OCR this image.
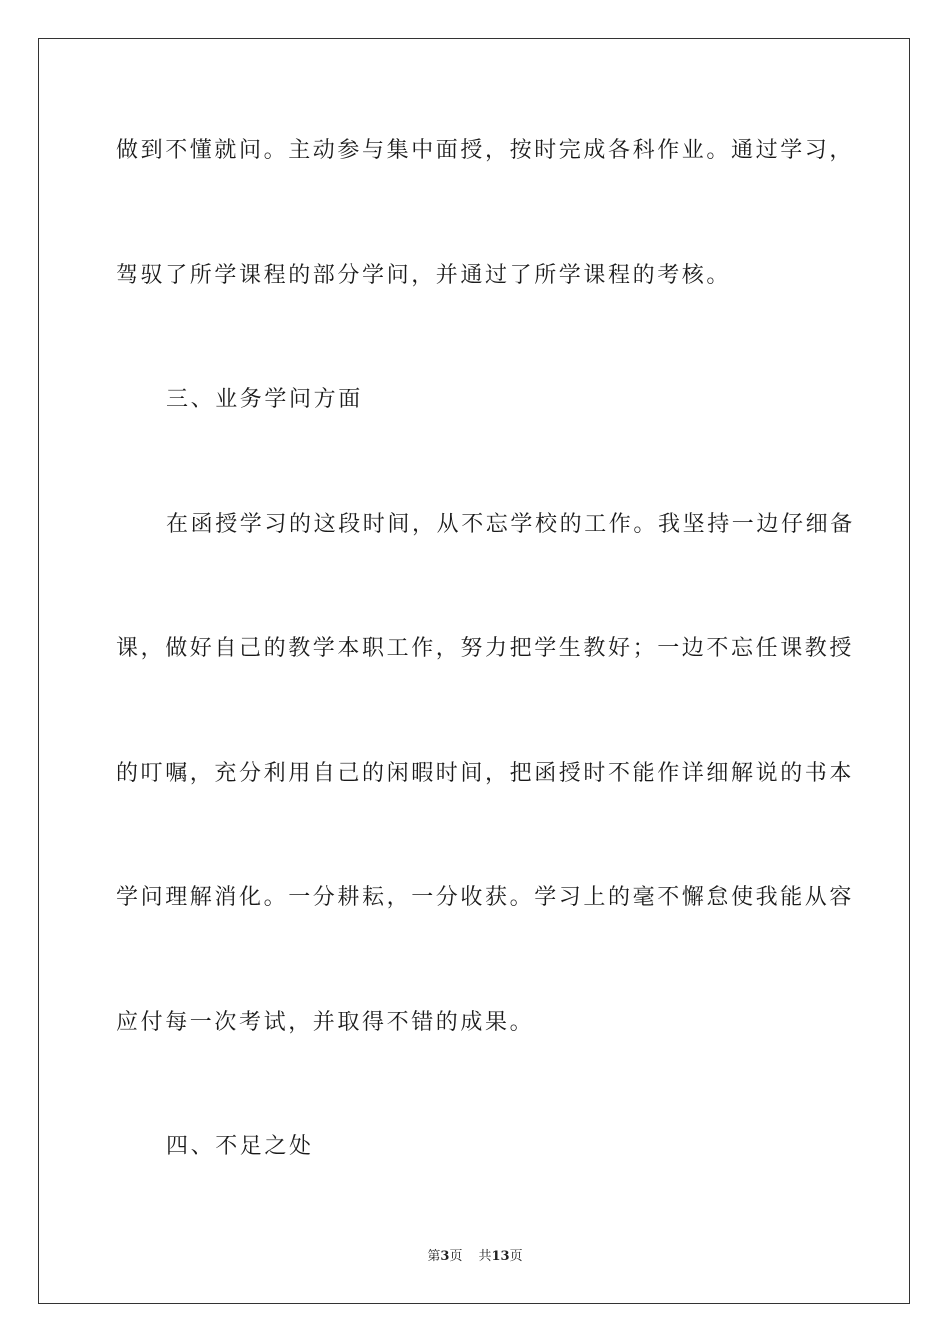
做到不懂就问。主动参与集中面授，按时完成各科作业。通过学习，
驾驭了所学课程的部分学问，并通过了所学课程的考核。
三、业务学问方面
在函授学习的这段时间，从不忘学校的工作。我坚持一边仔细备
课，做好自己的教学本职工作，努力把学生教好；一边不忘任课教授
的叮嘱，充分利用自己的闲暇时间，把函授时不能作详细解说的书本
学问理解消化。一分耕耘，一分收获。学习上的毫不懈怠使我能从容
应付每一次考试，并取得不错的成果。
四、不足之处
第3页 共13页
